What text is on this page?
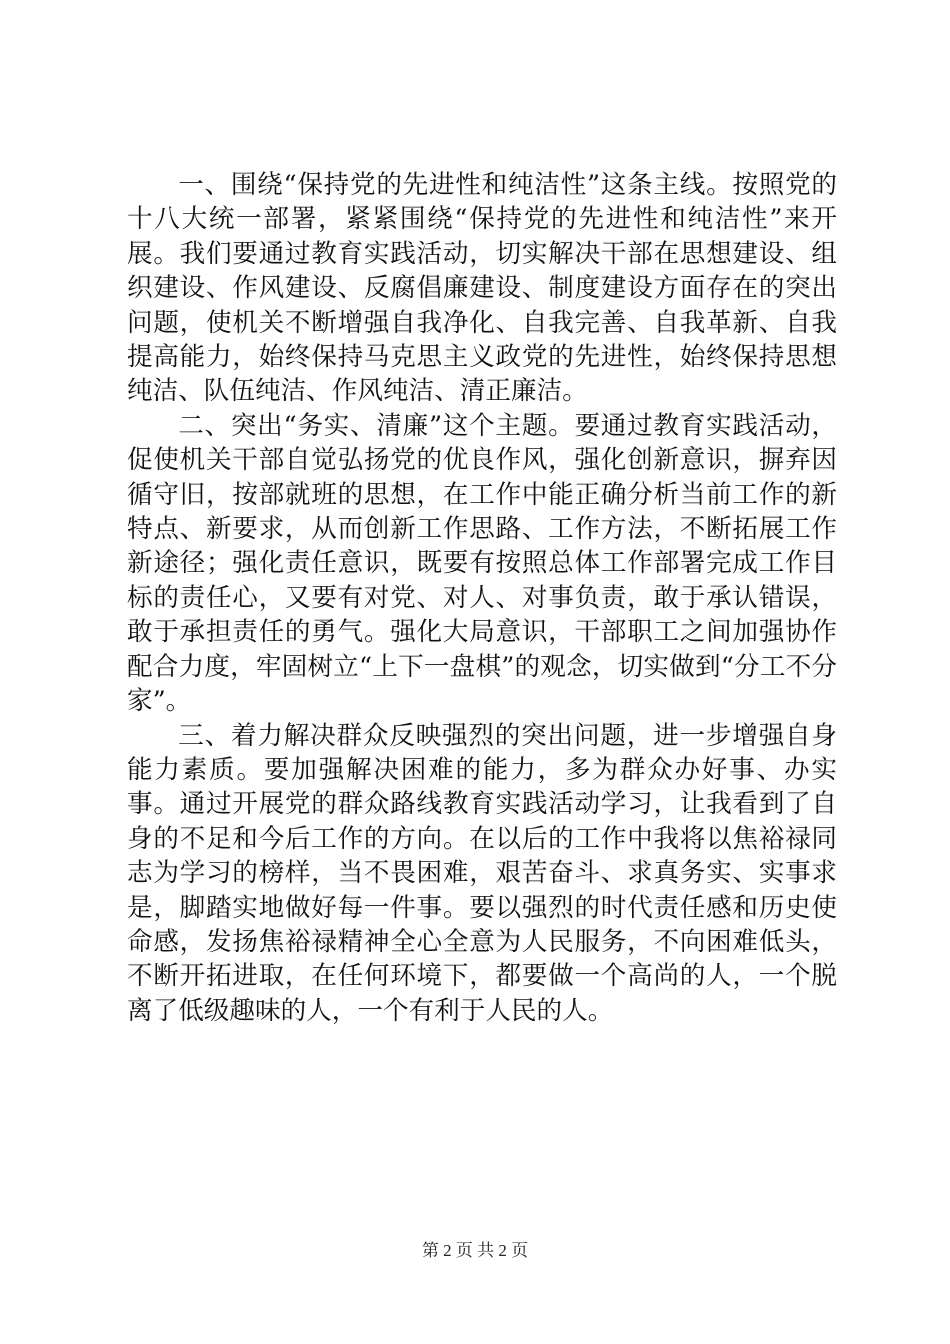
一、围绕“保持党的先进性和纯洁性”这条主线。按照党的十八大统一部署，紧紧围绕“保持党的先进性和纯洁性”来开展。我们要通过教育实践活动，切实解决干部在思想建设、组织建设、作风建设、反腐倡廉建设、制度建设方面存在的突出问题，使机关不断增强自我净化、自我完善、自我革新、自我提高能力，始终保持马克思主义政党的先进性，始终保持思想纯洁、队伍纯洁、作风纯洁、清正廉洁。

二、突出“务实、清廉”这个主题。要通过教育实践活动，促使机关干部自觉弘扬党的优良作风，强化创新意识，摒弃因循守旧，按部就班的思想，在工作中能正确分析当前工作的新特点、新要求，从而创新工作思路、工作方法，不断拓展工作新途径；强化责任意识，既要有按照总体工作部署完成工作目标的责任心，又要有对党、对人、对事负责，敢于承认错误，敢于承担责任的勇气。强化大局意识，干部职工之间加强协作配合力度，牢固树立“上下一盘棋”的观念，切实做到“分工不分家”。

三、着力解决群众反映强烈的突出问题，进一步增强自身能力素质。要加强解决困难的能力，多为群众办好事、办实事。通过开展党的群众路线教育实践活动学习，让我看到了自身的不足和今后工作的方向。在以后的工作中我将以焦裕禄同志为学习的榜样，当不畏困难，艰苦奋斗、求真务实、实事求是，脚踏实地做好每一件事。要以强烈的时代责任感和历史使命感，发扬焦裕禄精神全心全意为人民服务，不向困难低头，不断开拓进取，在任何环境下，都要做一个高尚的人，一个脱离了低级趣味的人，一个有利于人民的人。

第 2 页 共 2 页
